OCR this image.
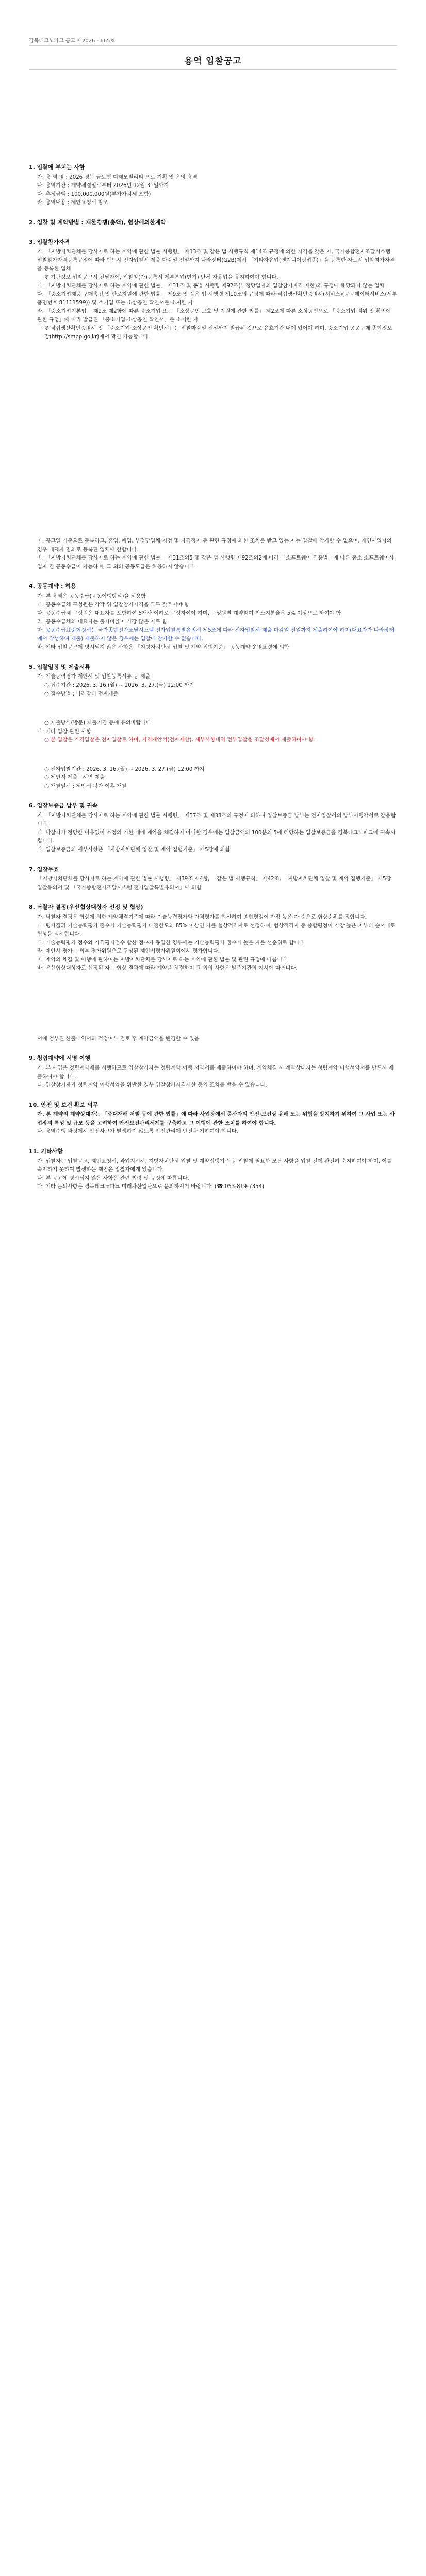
경북테크노파크 공고 제2026 - 665호
용역 입찰공고
1. 입찰에 부치는 사항
가. 용 역 명 : 2026 경북 금보험 미래모빌리티 프로 기획 및 운영 용역
나. 용역기간 : 계약체결일로부터 2026년 12월 31일까지
다. 추정금액 : 100,000,000원(부가가치세 포함)
라. 용역내용 : 제안요청서 참조
2. 입찰 및 계약방법 : 제한경쟁(총액), 협상에의한계약
3. 입찰참가자격
가. 「지방자치단체를 당사자로 하는 계약에 관한 법률 시행령」 제13조 및 같은 법 시행규칙 제14조 규정에 의한 자격을 갖춘 자, 국가종합전자조달시스템 입찰참가자격등록규정에 따라 반드시 전자입찰서 제출 마감일 전일까지 나라장터(G2B)에서 「기타자유업(엔지니어링업종)」을 등록한 자로서 입찰참가자격을 등록한 업체
※ 기관정보 입찰공고서 전달자에, 입찰참(자)등록서 제부분업(반기) 단체 자유업을 유지하여야 합니다.
나. 「지방자치단체를 당사자로 하는 계약에 관한 법률」 제31조 및 동법 시행령 제92조(부정당업자의 입찰참가자격 제한)의 규정에 해당되지 않는 업체
다. 「중소기업제품 구매촉진 및 판로지원에 관한 법률」 제9조 및 같은 법 시행령 제10조의 규정에 따라 직접생산확인증명서(서비스)(공공데이터서비스(세부품명번호 81111599)) 및 소기업 또는 소상공인 확인서를 소지한 자
라. 「중소기업기본법」 제2조 제2항에 따른 중소기업 또는 「소상공인 보호 및 지원에 관한 법률」 제2조에 따른 소상공인으로 「중소기업 범위 및 확인에 관한 규정」에 따라 발급된 「중소기업·소상공인 확인서」를 소지한 자
※ 직접생산확인증명서 및 「중소기업·소상공인 확인서」는 입찰마감일 전일까지 발급된 것으로 유효기간 내에 있어야 하며, 중소기업 공공구매 종합정보망(http://smpp.go.kr)에서 확인 가능합니다.
마. 공고일 기준으로 등록하고, 휴업, 폐업, 부정당업체 지정 및 자격정지 등 관련 규정에 의한 조치를 받고 있는 자는 입찰에 참가할 수 없으며, 개인사업자의 경우 대표자 명의로 등록된 업체에 한합니다.
바. 「지방자치단체를 당사자로 하는 계약에 관한 법률」 제31조의5 및 같은 법 시행령 제92조의2에 따라 「소프트웨어 진흥법」에 따른 중소 소프트웨어사업자 간 공동수급이 가능하며, 그 외의 공동도급은 허용하지 않습니다.
4. 공동계약 : 허용
가. 본 용역은 공동수급(공동이행방식)을 허용함
나. 공동수급체 구성원은 각각 위 입찰참가자격을 모두 갖추어야 함
다. 공동수급체 구성원은 대표자를 포함하여 5개사 이하로 구성하여야 하며, 구성원별 계약참여 최소지분율은 5% 이상으로 하여야 함
라. 공동수급체의 대표자는 출자비율이 가장 많은 자로 함
마. 공동수급표준협정서는 국가종합전자조달시스템 전자입찰특별유의서 제5조에 따라 전자입찰서 제출 마감일 전일까지 제출하여야 하며(대표자가 나라장터에서 작성하여 제출) 제출하지 않은 경우에는 입찰에 참가할 수 없습니다.
바. 기타 입찰공고에 명시되지 않은 사항은 「지방자치단체 입찰 및 계약 집행기준」 공동계약 운영요령에 의함
5. 입찰일정 및 제출서류
가. 기술능력평가 제안서 및 입찰등록서류 등 제출
○ 접수기간 : 2026. 3. 16.(월) ~ 2026. 3. 27.(금) 12:00 까지
○ 접수방법 : 나라장터 전자제출
○ 제출방식(방문) 제출기간 등에 유의바랍니다.
나. 기타 입찰 관련 사항
○ 본 입찰은 가격입찰은 전자입찰로 하며, 가격제안서(전자제안), 세부사항내역 전부입찰을 조달청에서 제출하여야 함.
○ 전자입찰기간 : 2026. 3. 16.(월) ~ 2026. 3. 27.(금) 12:00 까지
○ 제안서 제출 : 서면 제출
○ 개찰일시 : 제안서 평가 이후 개찰
6. 입찰보증금 납부 및 귀속
가. 「지방자치단체를 당사자로 하는 계약에 관한 법률 시행령」 제37조 및 제38조의 규정에 의하여 입찰보증금 납부는 전자입찰서의 납부이행각서로 갈음합니다.
나. 낙찰자가 정당한 이유없이 소정의 기한 내에 계약을 체결하지 아니할 경우에는 입찰금액의 100분의 5에 해당하는 입찰보증금을 경북테크노파크에 귀속시킵니다.
다. 입찰보증금의 세부사항은 「지방자치단체 입찰 및 계약 집행기준」 제5장에 의함
7. 입찰무효
「지방자치단체를 당사자로 하는 계약에 관한 법률 시행령」 제39조 제4항, 「같은 법 시행규칙」 제42조, 「지방자치단체 입찰 및 계약 집행기준」 제5장 입찰유의서 및 「국가종합전자조달시스템 전자입찰특별유의서」에 의함
8. 낙찰자 결정(우선협상대상자 선정 및 협상)
가. 낙찰자 결정은 협상에 의한 계약체결기준에 따라 기술능력평가와 가격평가를 합산하여 종합평점이 가장 높은 자 순으로 협상순위를 정합니다.
나. 평가결과 기술능력평가 점수가 기술능력평가 배점한도의 85% 이상인 자를 협상적격자로 선정하며, 협상적격자 중 종합평점이 가장 높은 자부터 순서대로 협상을 실시합니다.
다. 기술능력평가 점수와 가격평가점수 합산 점수가 동일한 경우에는 기술능력평가 점수가 높은 자를 선순위로 합니다.
라. 제안서 평가는 외부 평가위원으로 구성된 제안서평가위원회에서 평가합니다.
마. 계약의 체결 및 이행에 관하여는 지방자치단체를 당사자로 하는 계약에 관한 법률 및 관련 규정에 따릅니다.
바. 우선협상대상자로 선정된 자는 협상 결과에 따라 계약을 체결하며 그 외의 사항은 발주기관의 지시에 따릅니다.
서에 첨부된 산출내역서의 적정여부 검토 후 계약금액을 변경할 수 있음
9. 청렴계약에 서명 이행
가. 본 사업은 청렴계약제를 시행하므로 입찰참가자는 청렴계약 이행 서약서를 제출하여야 하며, 계약체결 시 계약상대자는 청렴계약 이행서약서를 반드시 제출하여야 합니다.
나. 입찰참가자가 청렴계약 이행서약을 위반한 경우 입찰참가자격제한 등의 조치를 받을 수 있습니다.
10. 안전 및 보건 확보 의무
가. 본 계약의 계약상대자는 「중대재해 처벌 등에 관한 법률」에 따라 사업장에서 종사자의 안전·보건상 유해 또는 위험을 방지하기 위하여 그 사업 또는 사업장의 특성 및 규모 등을 고려하여 안전보건관리체계를 구축하고 그 이행에 관한 조치를 하여야 합니다.
나. 용역수행 과정에서 안전사고가 발생하지 않도록 안전관리에 만전을 기하여야 합니다.
11. 기타사항
가. 입찰자는 입찰공고, 제안요청서, 과업지시서, 지방자치단체 입찰 및 계약집행기준 등 입찰에 필요한 모든 사항을 입찰 전에 완전히 숙지하여야 하며, 이를 숙지하지 못하여 발생하는 책임은 입찰자에게 있습니다.
나. 본 공고에 명시되지 않은 사항은 관련 법령 및 규정에 따릅니다.
다. 기타 문의사항은 경북테크노파크 미래차산업단으로 문의하시기 바랍니다. (☎ 053-819-7354)
